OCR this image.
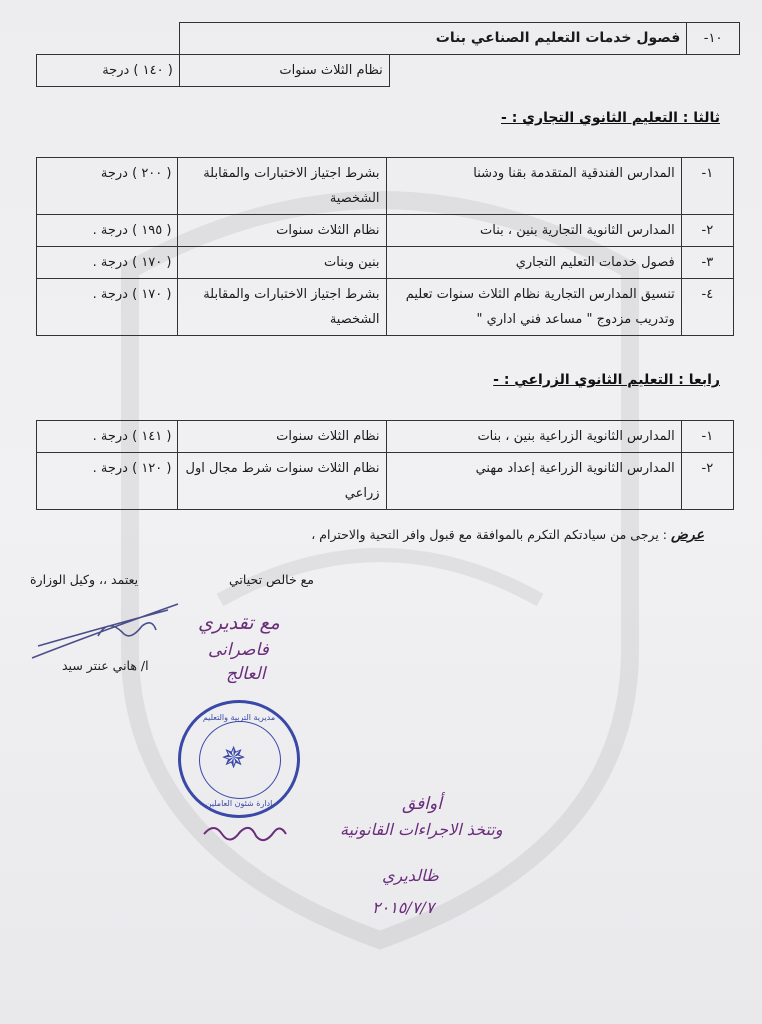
١٠-	فصول خدمات التعليم الصناعي بنات		
		نظام الثلاث سنوات	( ١٤٠ ) درجة
ثالثا : التعليم الثانوي التجاري : -
١-	المدارس الفندقية المتقدمة بقنا ودشنا	بشرط اجتياز الاختبارات والمقابلة الشخصية	( ٢٠٠ ) درجة
٢-	المدارس الثانوية التجارية بنين ، بنات	نظام الثلاث سنوات	( ١٩٥ ) درجة .
٣-	فصول خدمات التعليم التجاري	بنين وبنات	( ١٧٠ ) درجة .
٤-	تنسيق المدارس التجارية نظام الثلاث سنوات تعليم وتدريب مزدوج " مساعد فني اداري "	بشرط اجتياز الاختبارات والمقابلة الشخصية	( ١٧٠ ) درجة .
رابعا : التعليم الثانوي الزراعي : -
١-	المدارس الثانوية الزراعية بنين ، بنات	نظام الثلاث سنوات	( ١٤١ ) درجة .
٢-	المدارس الثانوية الزراعية إعداد مهني	نظام الثلاث سنوات شرط مجال اول زراعي	( ١٢٠ ) درجة .
عرض : يرجى من سيادتكم التكرم بالموافقة مع قبول وافر التحية والاحترام ،
مع خالص تحياتي
يعتمد ،، وكيل الوزارة
ا/ هاني عنتر سيد
مع تقديري
فاصرانى
العالج
مديرية التربية والتعليم
✵
ادارة شئون العاملين	أوافق
وتتخذ الاجراءات القانونية
ظالديري
٢٠١٥/٧/٧
